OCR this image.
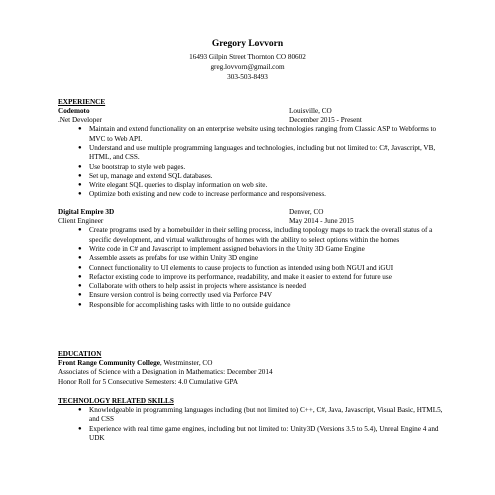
Gregory Lovvorn
16493 Gilpin Street Thornton CO 80602
greg.lovvorn@gmail.com
303-503-8493
EXPERIENCE
Codemoto	Louisville, CO
.Net Developer	December 2015 - Present
● Maintain and extend functionality on an enterprise website using technologies ranging from Classic ASP to Webforms to MVC to Web API.
● Understand and use multiple programming languages and technologies, including but not limited to: C#, Javascript, VB, HTML, and CSS.
● Use bootstrap to style web pages.
● Set up, manage and extend SQL databases.
● Write elegant SQL queries to display information on web site.
● Optimize both existing and new code to increase performance and responsiveness.
Digital Empire 3D	Denver, CO
Client Engineer	May 2014 - June 2015
● Create programs used by a homebuilder in their selling process, including topology maps to track the overall status of a specific development, and virtual walkthroughs of homes with the ability to select options within the homes
● Write code in C# and Javascript to implement assigned behaviors in the Unity 3D Game Engine
● Assemble assets as prefabs for use within Unity 3D engine
● Connect functionality to UI elements to cause projects to function as intended using both NGUI and iGUI
● Refactor existing code to improve its performance, readability, and make it easier to extend for future use
● Collaborate with others to help assist in projects where assistance is needed
● Ensure version control is being correctly used via Perforce P4V
● Responsible for accomplishing tasks with little to no outside guidance
EDUCATION
Front Range Community College, Westminster, CO
Associates of Science with a Designation in Mathematics: December 2014
Honor Roll for 5 Consecutive Semesters: 4.0 Cumulative GPA
TECHNOLOGY RELATED SKILLS
● Knowledgeable in programming languages including (but not limited to) C++, C#, Java, Javascript, Visual Basic, HTML5, and CSS
● Experience with real time game engines, including but not limited to: Unity3D (Versions 3.5 to 5.4), Unreal Engine 4 and UDK
